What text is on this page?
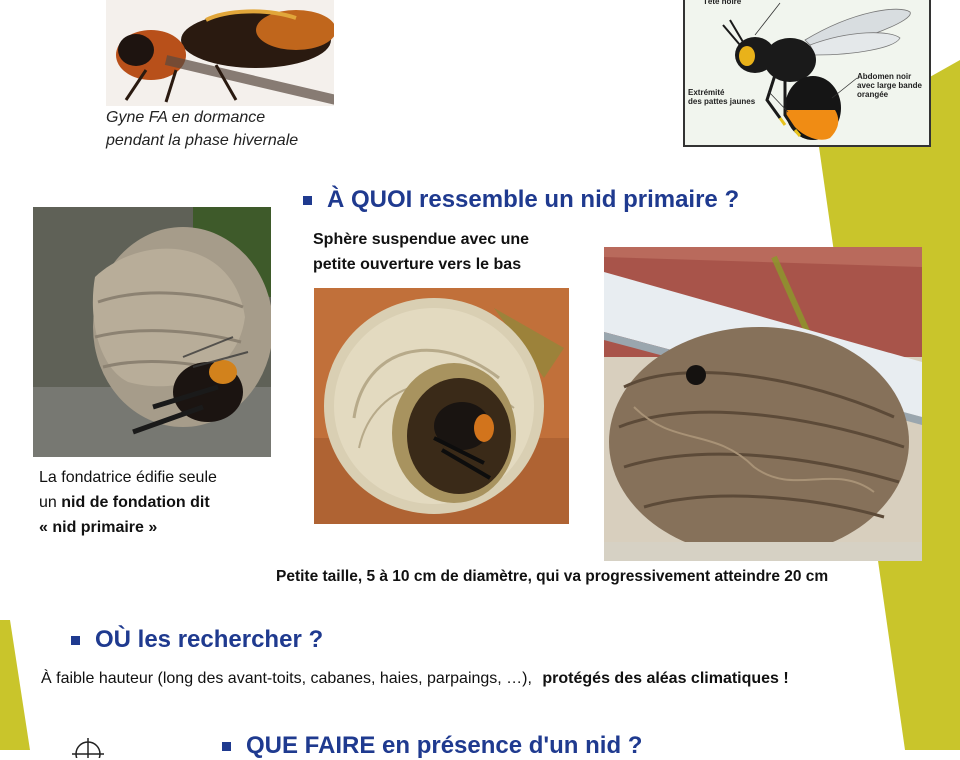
Gyne FA en dormance
pendant la phase hivernale
Tête noire
Extrémité
des pattes jaunes
Abdomen noir
avec large bande
orangée
À QUOI ressemble un nid primaire ?
Sphère suspendue avec une
petite ouverture vers le bas
La fondatrice édifie seule
un nid de fondation dit
« nid primaire »
Petite taille, 5 à 10 cm de diamètre, qui va progressivement atteindre 20 cm
OÙ les rechercher ?
À faible hauteur (long des avant-toits, cabanes, haies, parpaings, …), protégés des aléas climatiques !
QUE FAIRE en présence d'un nid ?
